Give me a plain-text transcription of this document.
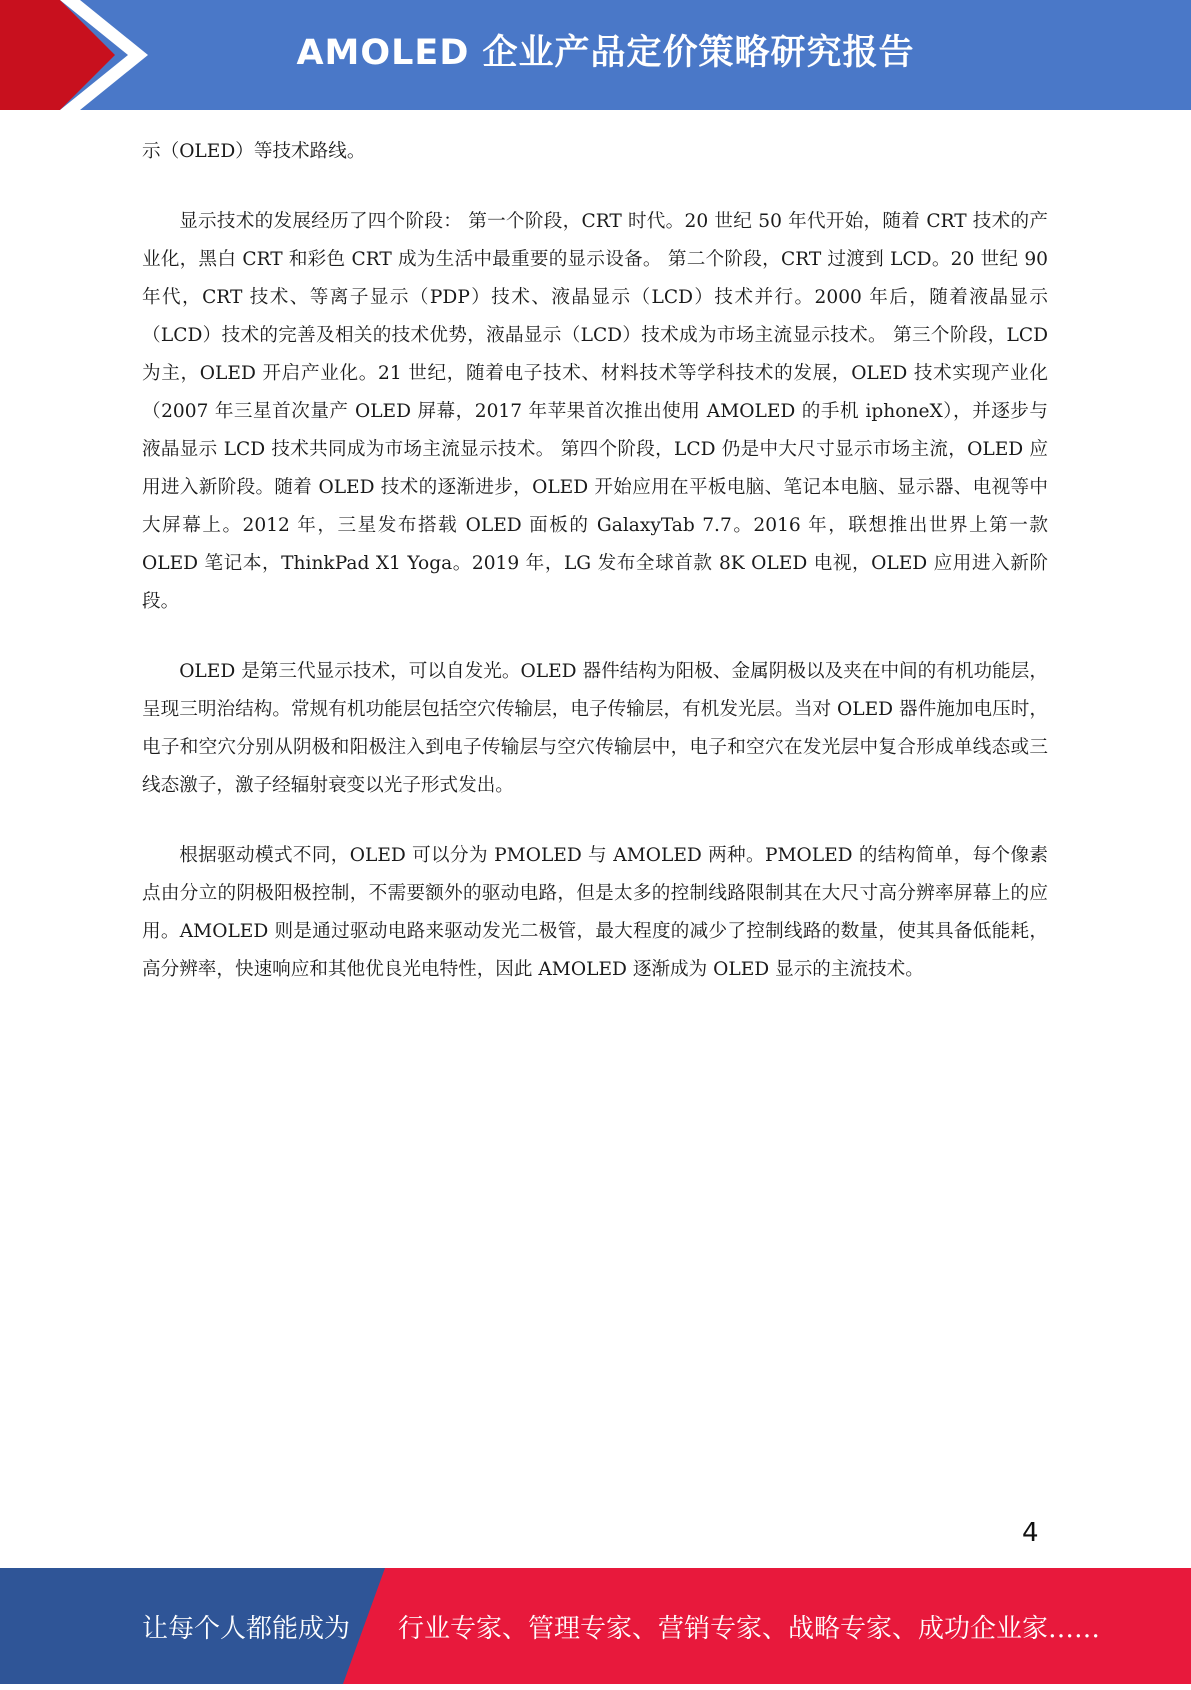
AMOLED 企业产品定价策略研究报告

示（OLED）等技术路线。

显示技术的发展经历了四个阶段： 第一个阶段，CRT 时代。20 世纪 50 年代开始，随着 CRT 技术的产业化，黑白 CRT 和彩色 CRT 成为生活中最重要的显示设备。 第二个阶段，CRT 过渡到 LCD。20 世纪 90 年代，CRT 技术、等离子显示（PDP）技术、液晶显示（LCD）技术并行。2000 年后，随着液晶显示（LCD）技术的完善及相关的技术优势，液晶显示（LCD）技术成为市场主流显示技术。 第三个阶段，LCD 为主，OLED 开启产业化。21 世纪，随着电子技术、材料技术等学科技术的发展，OLED 技术实现产业化（2007 年三星首次量产 OLED 屏幕，2017 年苹果首次推出使用 AMOLED 的手机 iphoneX），并逐步与液晶显示 LCD 技术共同成为市场主流显示技术。 第四个阶段，LCD 仍是中大尺寸显示市场主流，OLED 应用进入新阶段。随着 OLED 技术的逐渐进步，OLED 开始应用在平板电脑、笔记本电脑、显示器、电视等中大屏幕上。2012 年，三星发布搭载 OLED 面板的 GalaxyTab 7.7。2016 年，联想推出世界上第一款 OLED 笔记本，ThinkPad X1 Yoga。2019 年，LG 发布全球首款 8K OLED 电视，OLED 应用进入新阶段。

OLED 是第三代显示技术，可以自发光。OLED 器件结构为阳极、金属阴极以及夹在中间的有机功能层，呈现三明治结构。常规有机功能层包括空穴传输层，电子传输层，有机发光层。当对 OLED 器件施加电压时，电子和空穴分别从阴极和阳极注入到电子传输层与空穴传输层中，电子和空穴在发光层中复合形成单线态或三线态激子，激子经辐射衰变以光子形式发出。

根据驱动模式不同，OLED 可以分为 PMOLED 与 AMOLED 两种。PMOLED 的结构简单，每个像素点由分立的阴极阳极控制，不需要额外的驱动电路，但是太多的控制线路限制其在大尺寸高分辨率屏幕上的应用。AMOLED 则是通过驱动电路来驱动发光二极管，最大程度的减少了控制线路的数量，使其具备低能耗，高分辨率，快速响应和其他优良光电特性，因此 AMOLED 逐渐成为 OLED 显示的主流技术。

4
让每个人都能成为 行业专家、管理专家、营销专家、战略专家、成功企业家……
